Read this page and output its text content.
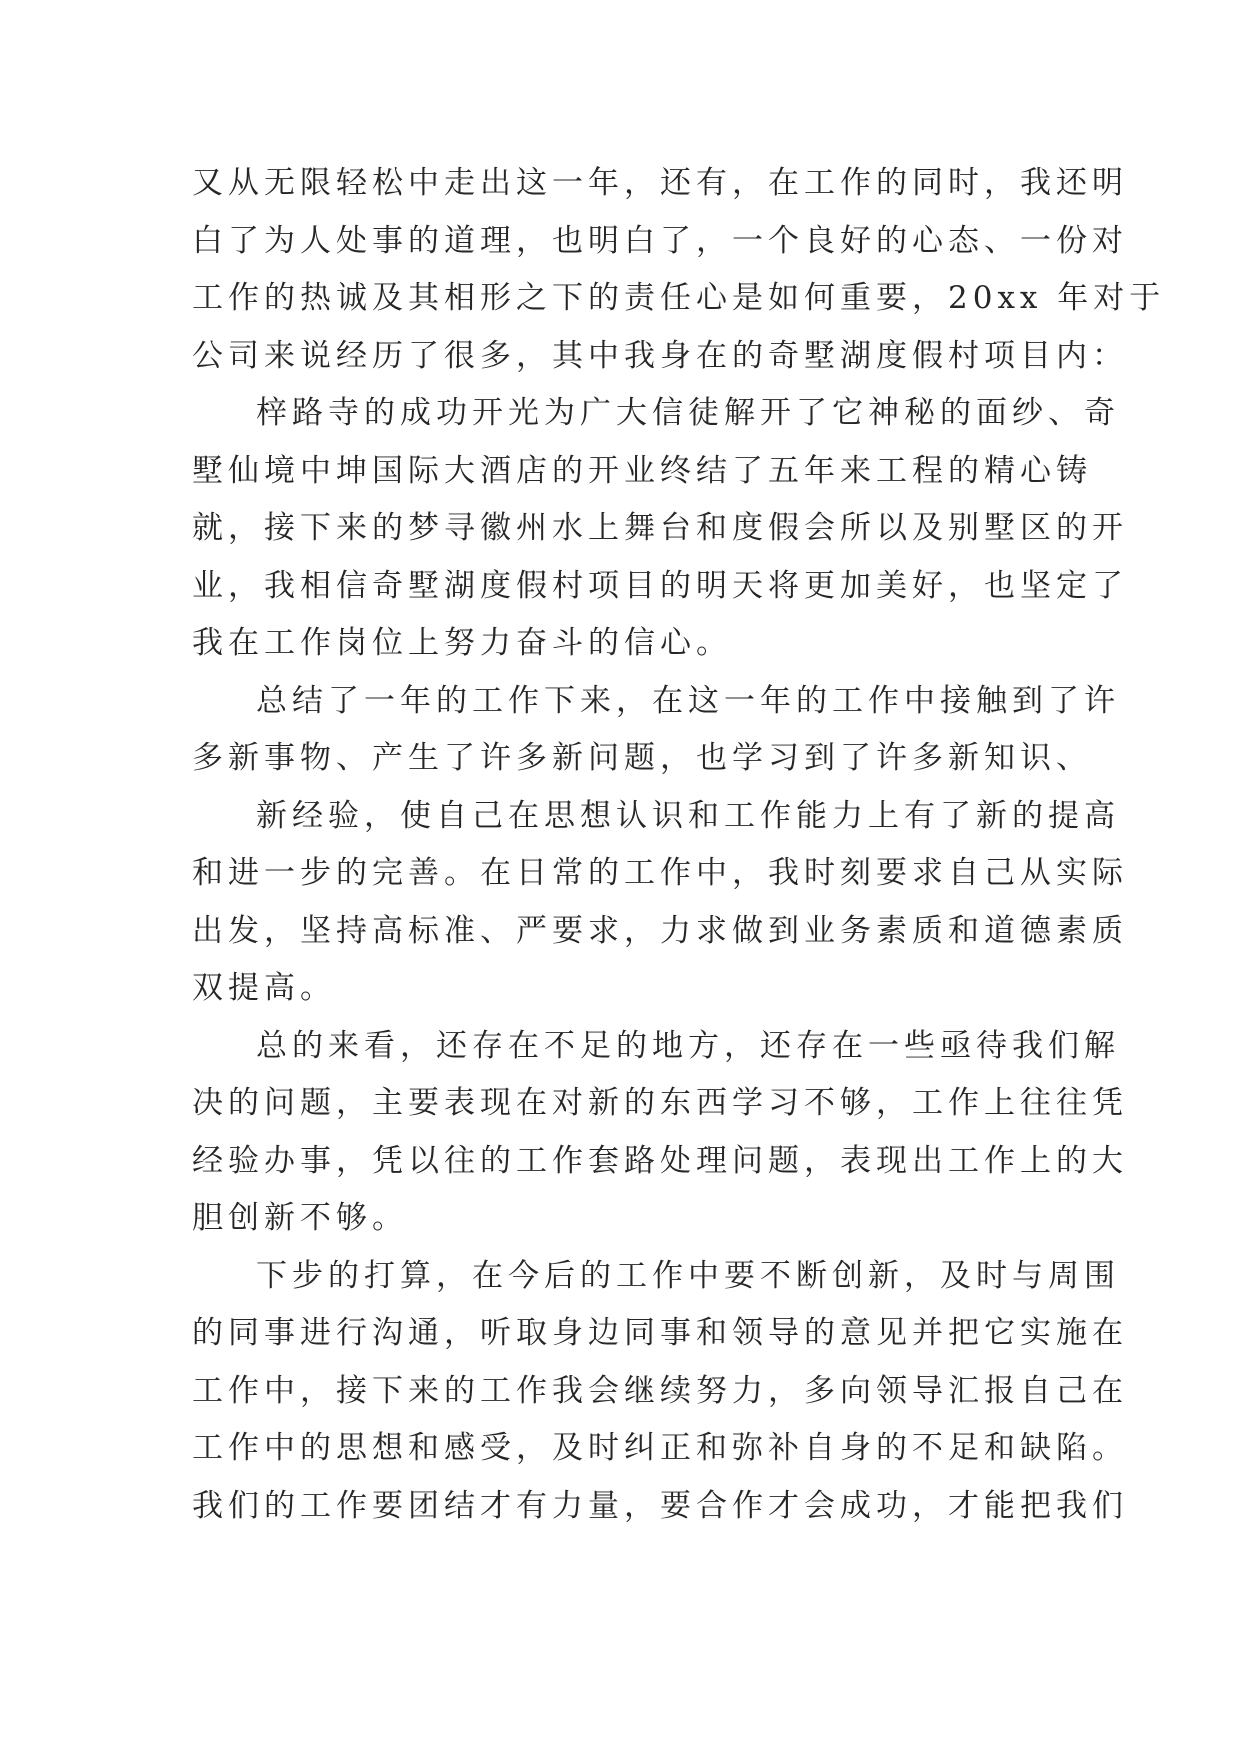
又从无限轻松中走出这一年，还有，在工作的同时，我还明
白了为人处事的道理，也明白了，一个良好的心态、一份对
工作的热诚及其相形之下的责任心是如何重要，20xx 年对于
公司来说经历了很多，其中我身在的奇墅湖度假村项目内：
梓路寺的成功开光为广大信徒解开了它神秘的面纱、奇
墅仙境中坤国际大酒店的开业终结了五年来工程的精心铸
就，接下来的梦寻徽州水上舞台和度假会所以及别墅区的开
业，我相信奇墅湖度假村项目的明天将更加美好，也坚定了
我在工作岗位上努力奋斗的信心。
总结了一年的工作下来，在这一年的工作中接触到了许
多新事物、产生了许多新问题，也学习到了许多新知识、
新经验，使自己在思想认识和工作能力上有了新的提高
和进一步的完善。在日常的工作中，我时刻要求自己从实际
出发，坚持高标准、严要求，力求做到业务素质和道德素质
双提高。
总的来看，还存在不足的地方，还存在一些亟待我们解
决的问题，主要表现在对新的东西学习不够，工作上往往凭
经验办事，凭以往的工作套路处理问题，表现出工作上的大
胆创新不够。
下步的打算，在今后的工作中要不断创新，及时与周围
的同事进行沟通，听取身边同事和领导的意见并把它实施在
工作中，接下来的工作我会继续努力，多向领导汇报自己在
工作中的思想和感受，及时纠正和弥补自身的不足和缺陷。
我们的工作要团结才有力量，要合作才会成功，才能把我们
